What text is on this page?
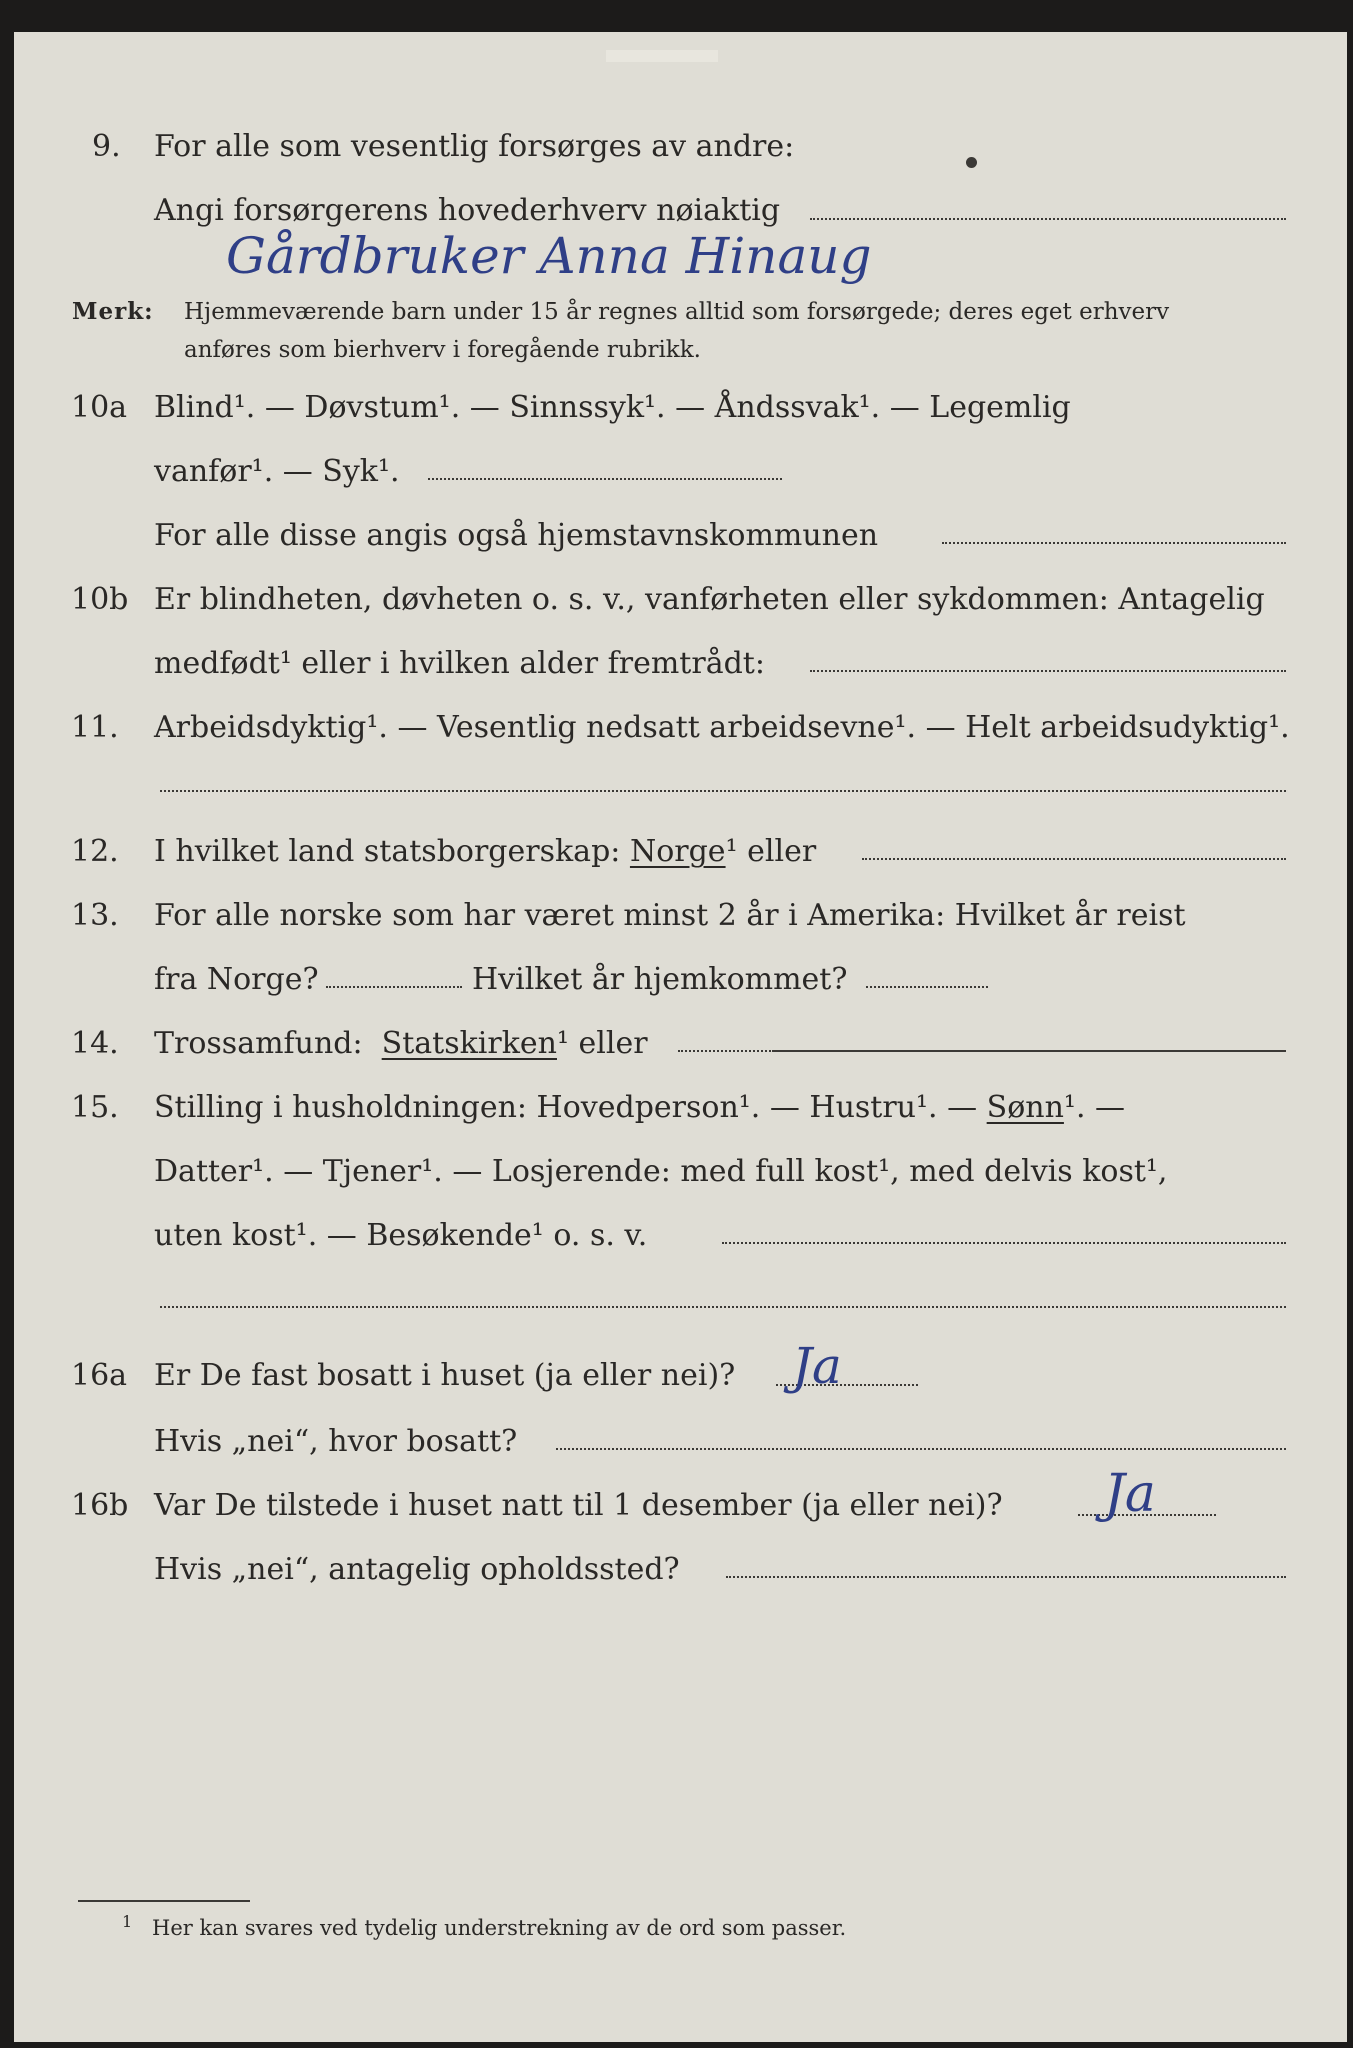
9. For alle som vesentlig forsørges av andre:
Angi forsørgerens hovederhverv nøiaktig
Gårdbruker Anna Hinaug
Merk: Hjemmeværende barn under 15 år regnes alltid som forsørgede; deres eget erhverv
anføres som bierhverv i foregående rubrikk.
10a Blind¹. — Døvstum¹. — Sinnssyk¹. — Åndssvak¹. — Legemlig
vanfør¹. — Syk¹.
For alle disse angis også hjemstavnskommunen
10b Er blindheten, døvheten o. s. v., vanførheten eller sykdommen: Antagelig
medfødt¹ eller i hvilken alder fremtrådt:
11. Arbeidsdyktig¹. — Vesentlig nedsatt arbeidsevne¹. — Helt arbeidsudyktig¹.
12. I hvilket land statsborgerskap: Norge¹ eller
13. For alle norske som har været minst 2 år i Amerika: Hvilket år reist
fra Norge?	Hvilket år hjemkommet?
14. Trossamfund: Statskirken¹ eller
15. Stilling i husholdningen: Hovedperson¹. — Hustru¹. — Sønn¹. —
Datter¹. — Tjener¹. — Losjerende: med full kost¹, med delvis kost¹,
uten kost¹. — Besøkende¹ o. s. v.
16a Er De fast bosatt i huset (ja eller nei)? Ja
Hvis „nei“, hvor bosatt?
16b Var De tilstede i huset natt til 1 desember (ja eller nei)? Ja
Hvis „nei“, antagelig opholdssted?
1 Her kan svares ved tydelig understrekning av de ord som passer.
